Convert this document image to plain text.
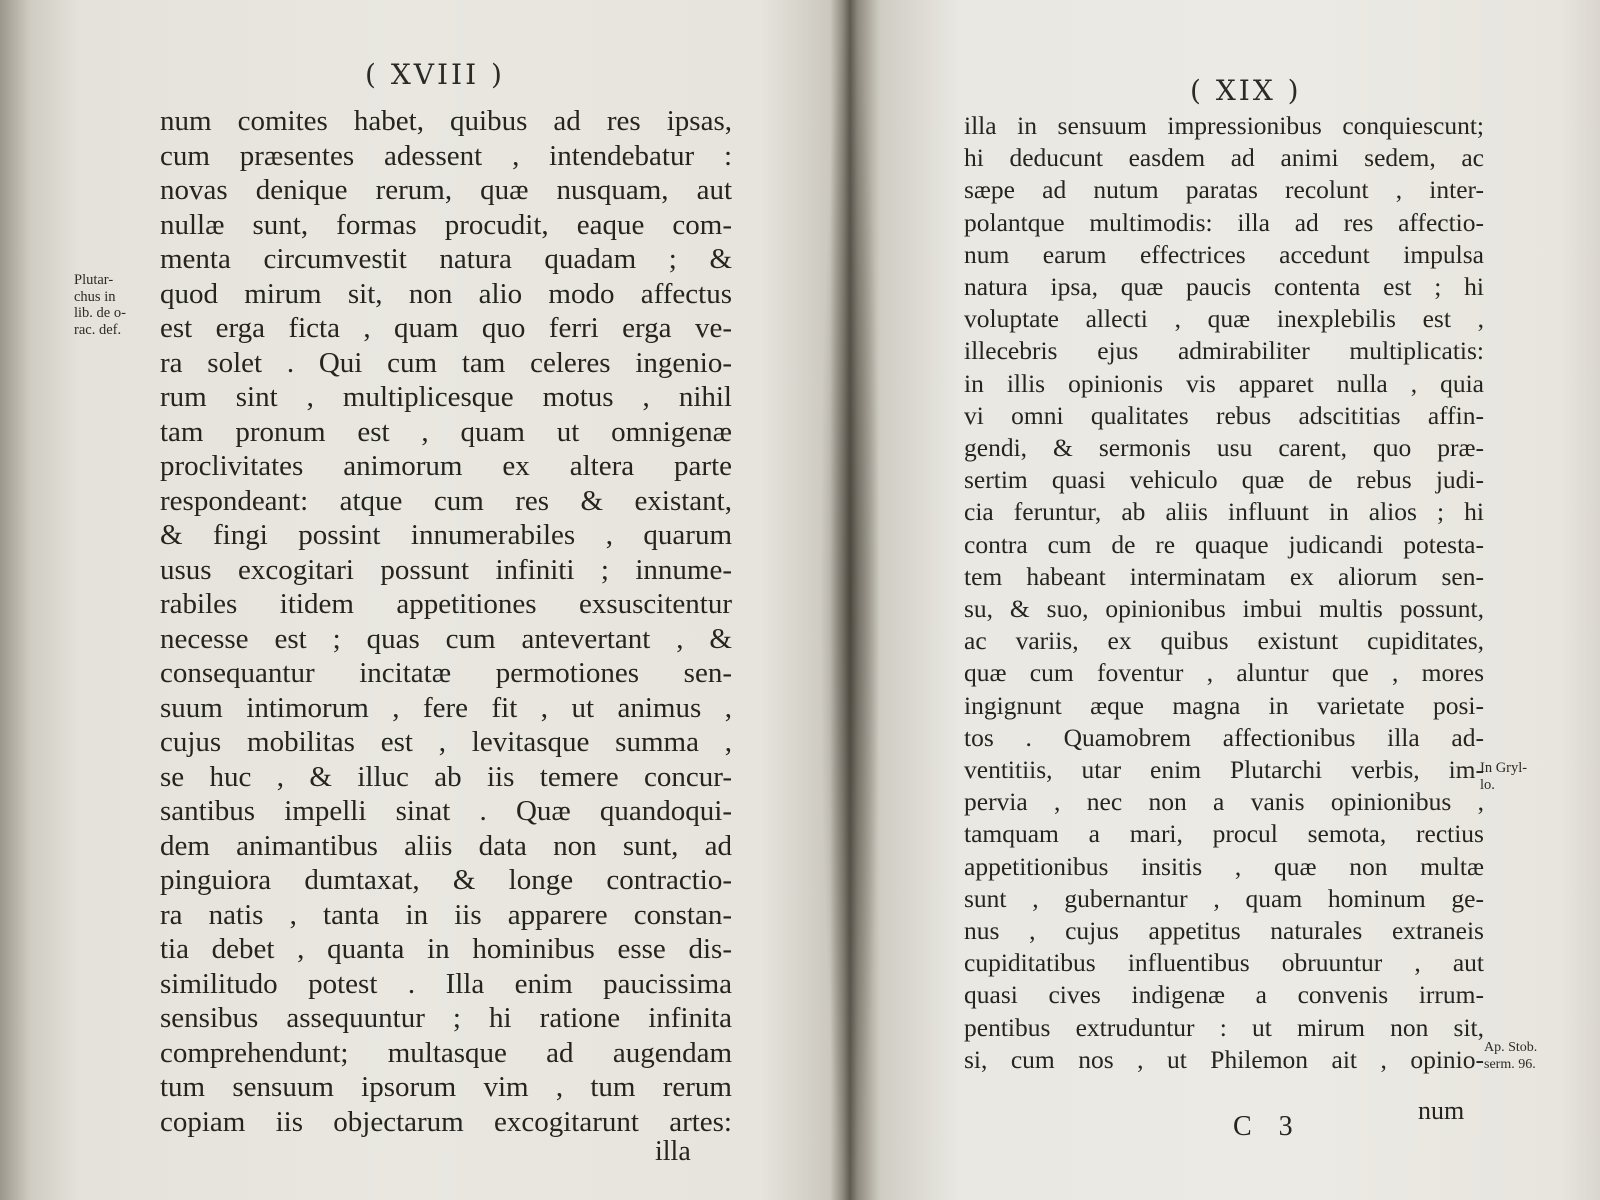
( XVIII )
Plutar-
chus in
lib. de o-
rac. def.
num comites habet, quibus ad res ipsas,
cum præsentes adessent , intendebatur :
novas denique rerum, quæ nusquam, aut
nullæ sunt, formas procudit, eaque com-
menta circumvestit natura quadam ; &
quod mirum sit, non alio modo affectus
est erga ficta , quam quo ferri erga ve-
ra solet . Qui cum tam celeres ingenio-
rum sint , multiplicesque motus , nihil
tam pronum est , quam ut omnigenæ
proclivitates animorum ex altera parte
respondeant: atque cum res & existant,
& fingi possint innumerabiles , quarum
usus excogitari possunt infiniti ; innume-
rabiles itidem appetitiones exsuscitentur
necesse est ; quas cum antevertant , &
consequantur incitatæ permotiones sen-
suum intimorum , fere fit , ut animus ,
cujus mobilitas est , levitasque summa ,
se huc , & illuc ab iis temere concur-
santibus impelli sinat . Quæ quandoqui-
dem animantibus aliis data non sunt, ad
pinguiora dumtaxat, & longe contractio-
ra natis , tanta in iis apparere constan-
tia debet , quanta in hominibus esse dis-
similitudo potest . Illa enim paucissima
sensibus assequuntur ; hi ratione infinita
comprehendunt; multasque ad augendam
tum sensuum ipsorum vim , tum rerum
copiam iis objectarum excogitarunt artes:
illa
( XIX )
illa in sensuum impressionibus conquiescunt;
hi deducunt easdem ad animi sedem, ac
sæpe ad nutum paratas recolunt , inter-
polantque multimodis: illa ad res affectio-
num earum effectrices accedunt impulsa
natura ipsa, quæ paucis contenta est ; hi
voluptate allecti , quæ inexplebilis est ,
illecebris ejus admirabiliter multiplicatis:
in illis opinionis vis apparet nulla , quia
vi omni qualitates rebus adscititias affin-
gendi, & sermonis usu carent, quo præ-
sertim quasi vehiculo quæ de rebus judi-
cia feruntur, ab aliis influunt in alios ; hi
contra cum de re quaque judicandi potesta-
tem habeant interminatam ex aliorum sen-
su, & suo, opinionibus imbui multis possunt,
ac variis, ex quibus existunt cupiditates,
quæ cum foventur , aluntur que , mores
ingignunt æque magna in varietate posi-
tos . Quamobrem affectionibus illa ad-
ventitiis, utar enim Plutarchi verbis, im-
pervia , nec non a vanis opinionibus ,
tamquam a mari, procul semota, rectius
appetitionibus insitis , quæ non multæ
sunt , gubernantur , quam hominum ge-
nus , cujus appetitus naturales extraneis
cupiditatibus influentibus obruuntur , aut
quasi cives indigenæ a convenis irrum-
pentibus extruduntur : ut mirum non sit,
si, cum nos , ut Philemon ait , opinio-
C 3
num
In Gryl-
lo.
Ap. Stob.
serm. 96.
